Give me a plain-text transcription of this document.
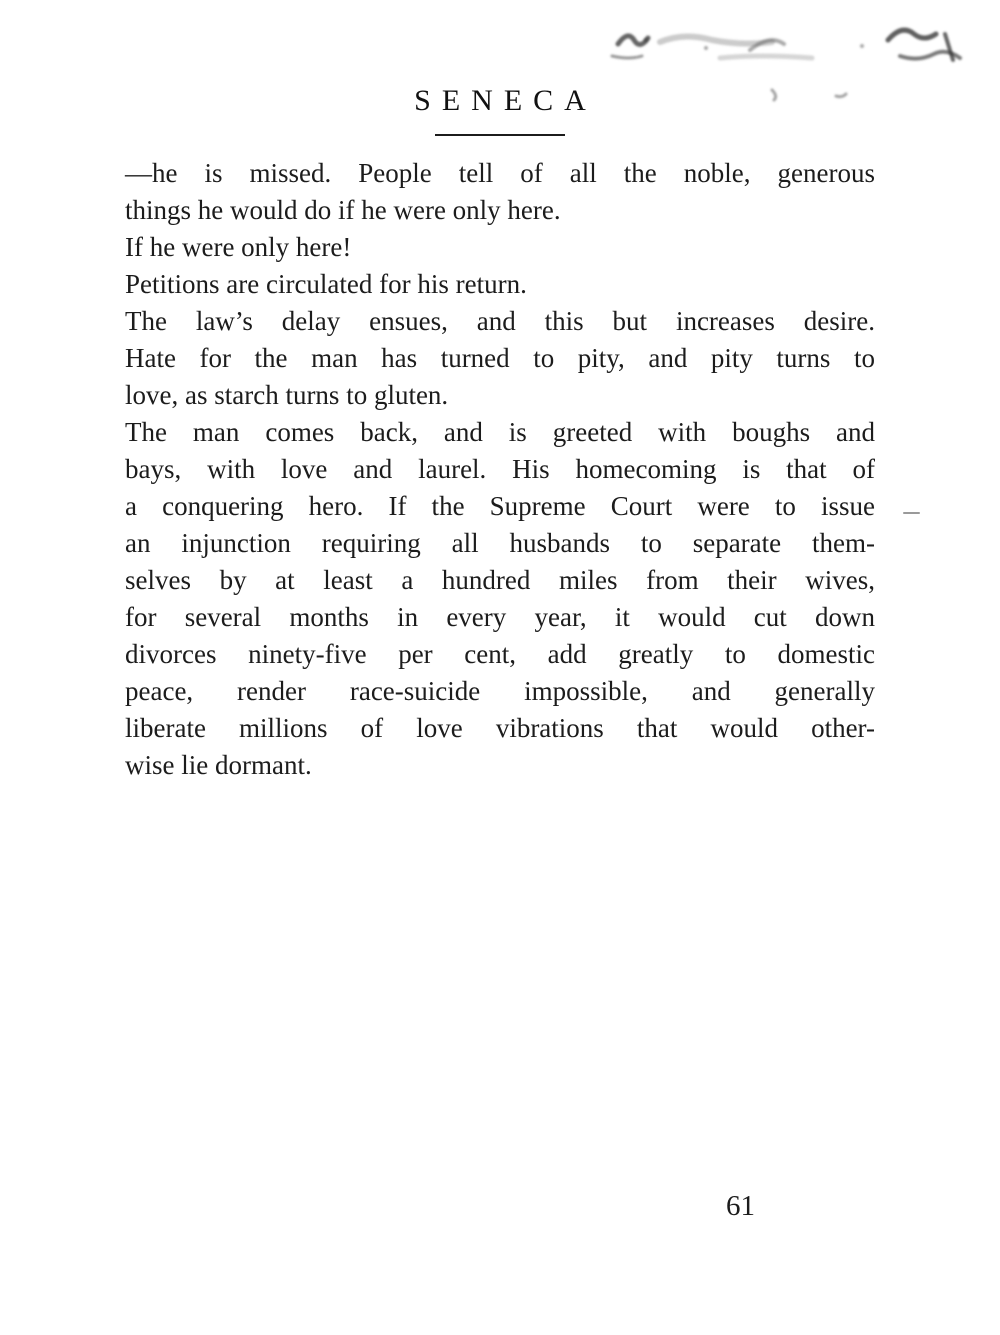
SENECA
—he is missed. People tell of all the noble, generous
things he would do if he were only here.
If he were only here!
Petitions are circulated for his return.
The law’s delay ensues, and this but increases desire.
Hate for the man has turned to pity, and pity turns to
love, as starch turns to gluten.
The man comes back, and is greeted with boughs and
bays, with love and laurel. His homecoming is that of
a conquering hero. If the Supreme Court were to issue
an injunction requiring all husbands to separate them-
selves by at least a hundred miles from their wives,
for several months in every year, it would cut down
divorces ninety-five per cent, add greatly to domestic
peace, render race-suicide impossible, and generally
liberate millions of love vibrations that would other-
wise lie dormant.
61
